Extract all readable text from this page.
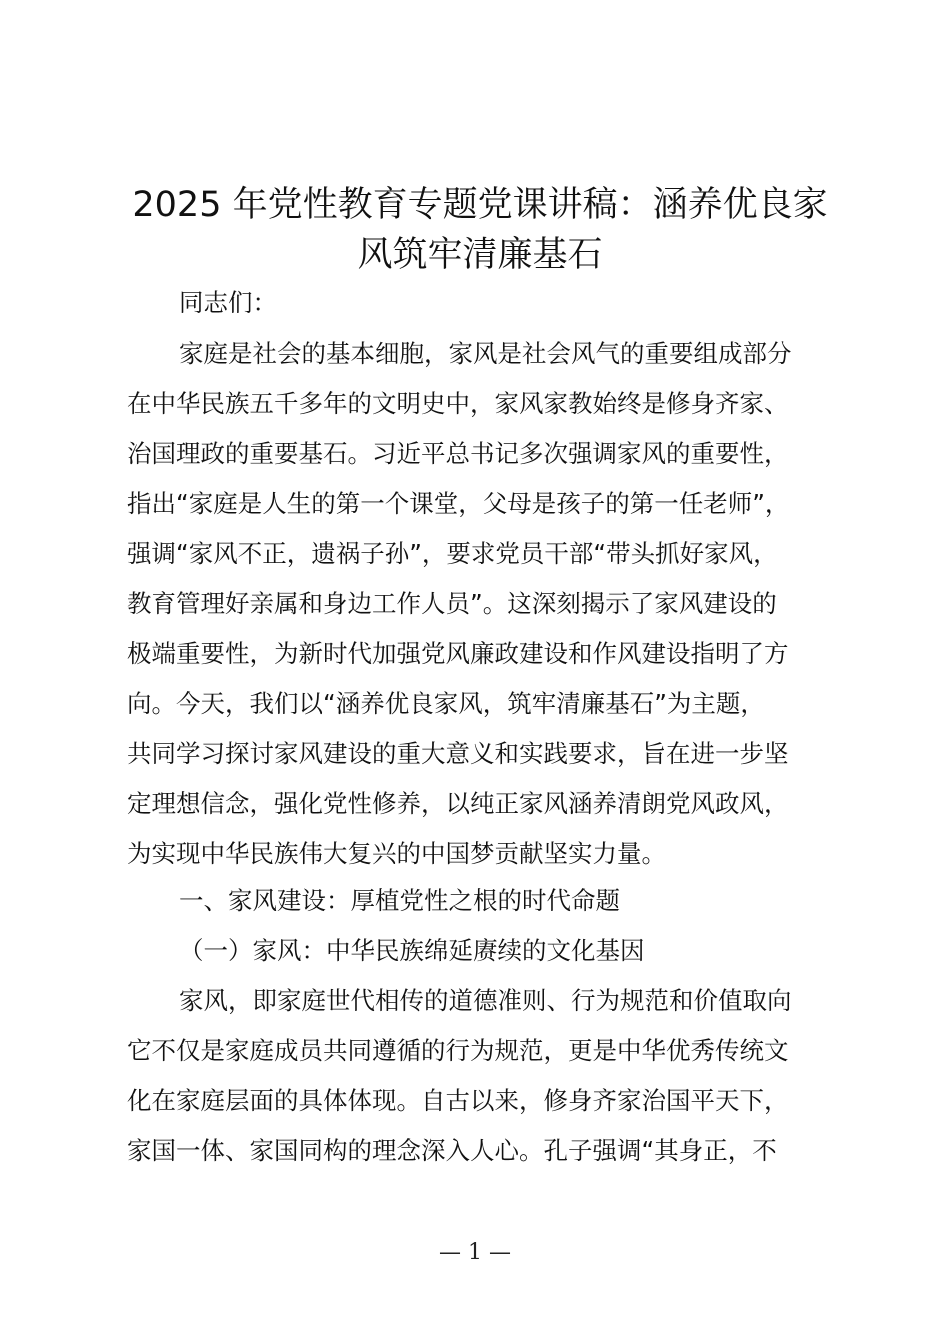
2025 年党性教育专题党课讲稿：涵养优良家
风筑牢清廉基石
同志们：
家庭是社会的基本细胞，家风是社会风气的重要组成部分
在中华民族五千多年的文明史中，家风家教始终是修身齐家、
治国理政的重要基石。习近平总书记多次强调家风的重要性，
指出“家庭是人生的第一个课堂，父母是孩子的第一任老师”，
强调“家风不正，遗祸子孙”，要求党员干部“带头抓好家风，
教育管理好亲属和身边工作人员”。这深刻揭示了家风建设的
极端重要性，为新时代加强党风廉政建设和作风建设指明了方
向。今天，我们以“涵养优良家风，筑牢清廉基石”为主题，
共同学习探讨家风建设的重大意义和实践要求，旨在进一步坚
定理想信念，强化党性修养，以纯正家风涵养清朗党风政风，
为实现中华民族伟大复兴的中国梦贡献坚实力量。
一、家风建设：厚植党性之根的时代命题
（一）家风：中华民族绵延赓续的文化基因
家风，即家庭世代相传的道德准则、行为规范和价值取向
它不仅是家庭成员共同遵循的行为规范，更是中华优秀传统文
化在家庭层面的具体体现。自古以来，修身齐家治国平天下，
家国一体、家国同构的理念深入人心。孔子强调“其身正，不
— 1 —
